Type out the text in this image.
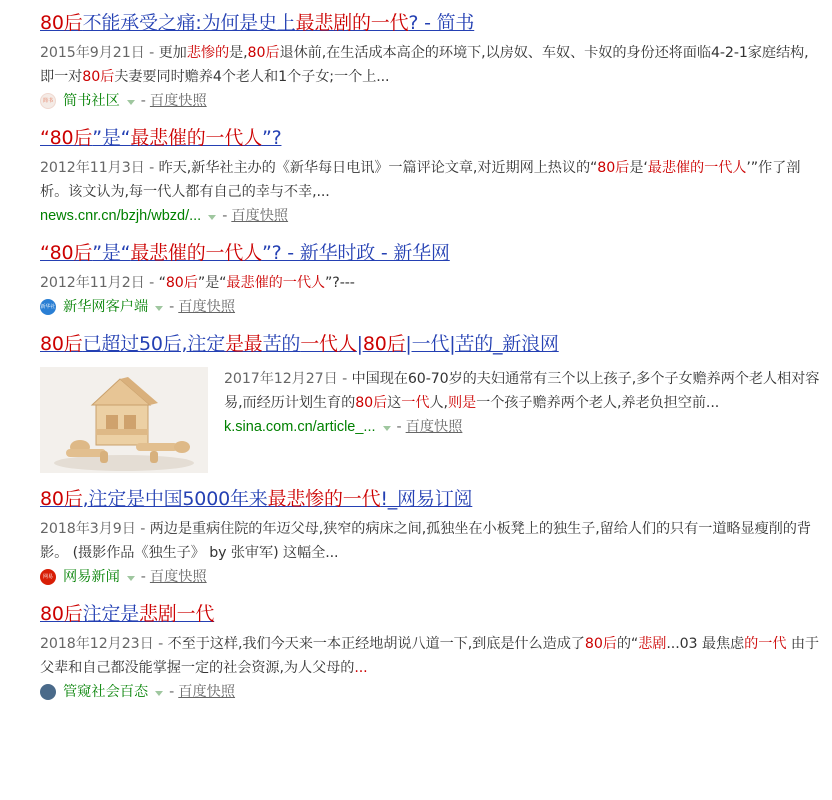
80后不能承受之痛:为何是史上最悲剧的一代? - 简书
2015年9月21日 - 更加悲惨的是,80后退休前,在生活成本高企的环境下,以房奴、车奴、卡奴的身份还将面临4-2-1家庭结构,即一对80后夫妻要同时赡养4个老人和1个子女;一个上...
简书 简书社区 - 百度快照
“80后”是“最悲催的一代人”?
2012年11月3日 - 昨天,新华社主办的《新华每日电讯》一篇评论文章,对近期网上热议的“80后是‘最悲催的一代人’”作了剖析。该文认为,每一代人都有自己的幸与不幸,...
news.cnr.cn/bzjh/wbzd/... - 百度快照
“80后”是“最悲催的一代人”? - 新华时政 - 新华网
2012年11月2日 - “80后”是“最悲催的一代人”?---
新华社 新华网客户端 - 百度快照
80后已超过50后,注定是最苦的一代人|80后|一代|苦的_新浪网
2017年12月27日 - 中国现在60-70岁的夫妇通常有三个以上孩子,多个子女赡养两个老人相对容易,而经历计划生育的80后这一代人,则是一个孩子赡养两个老人,养老负担空前...
k.sina.com.cn/article_... - 百度快照
80后,注定是中国5000年来最悲惨的一代!_网易订阅
2018年3月9日 - 两边是重病住院的年迈父母,狭窄的病床之间,孤独坐在小板凳上的独生子,留给人们的只有一道略显瘦削的背影。 (摄影作品《独生子》 by 张审军) 这幅全...
网易 网易新闻 - 百度快照
80后注定是悲剧一代
2018年12月23日 - 不至于这样,我们今天来一本正经地胡说八道一下,到底是什么造成了80后的“悲剧...03 最焦虑的一代 由于父辈和自己都没能掌握一定的社会资源,为人父母的...
管窥社会百态 - 百度快照
